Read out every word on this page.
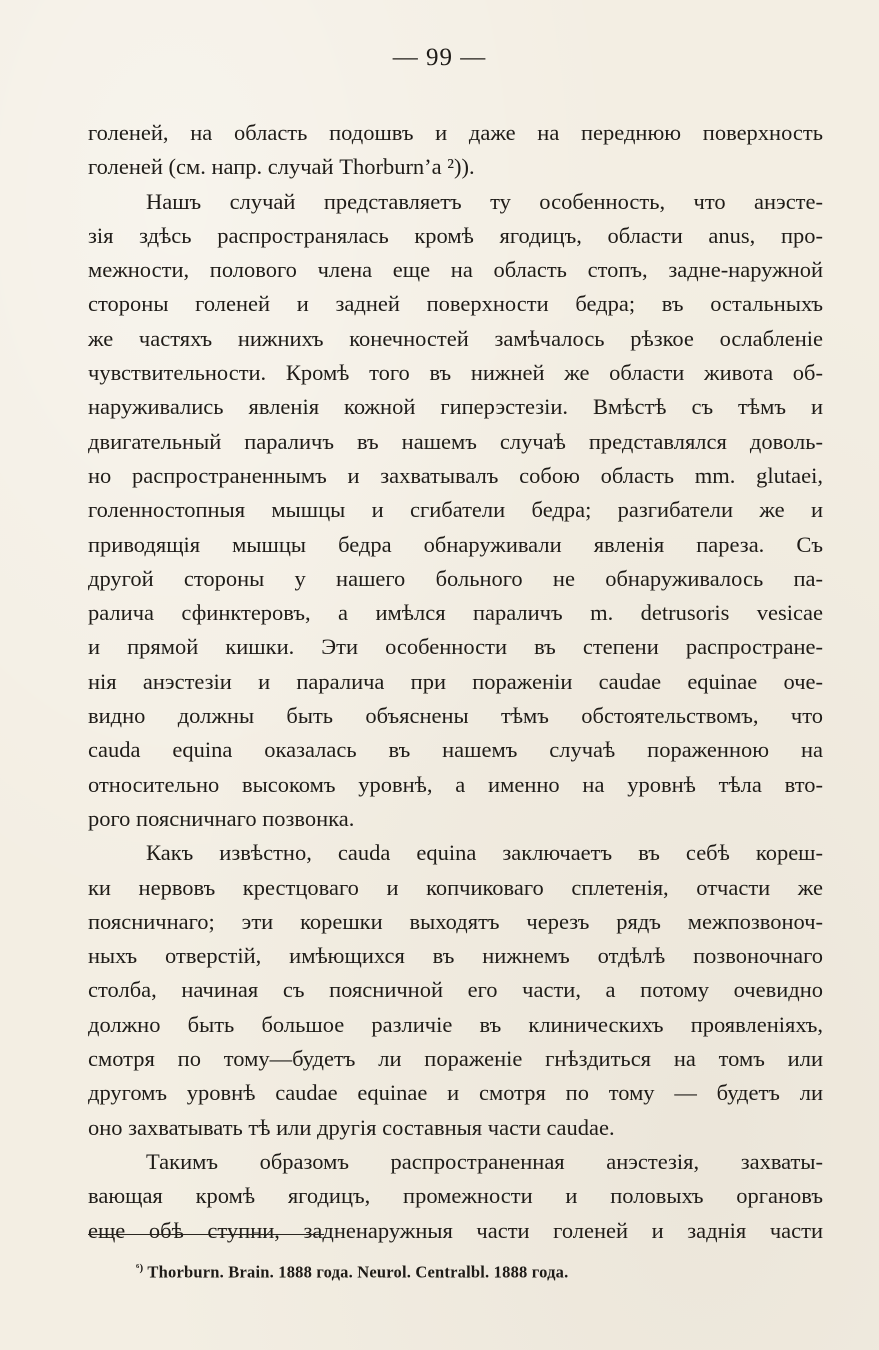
— 99 —
голеней, на область подошвъ и даже на переднюю поверхность
голеней (см. напр. случай Thorburn’a ²)).
Нашъ случай представляетъ ту особенность, что анэсте-
зія здѣсь распространялась кромѣ ягодицъ, области anus, про-
межности, полового члена еще на область стопъ, задне-наружной
стороны голеней и задней поверхности бедра; въ остальныхъ
же частяхъ нижнихъ конечностей замѣчалось рѣзкое ослабленіе
чувствительности. Кромѣ того въ нижней же области живота об-
наруживались явленія кожной гиперэстезіи. Вмѣстѣ съ тѣмъ и
двигательный параличъ въ нашемъ случаѣ представлялся доволь-
но распространеннымъ и захватывалъ собою область mm. glutaei,
голенностопныя мышцы и сгибатели бедра; разгибатели же и
приводящія мышцы бедра обнаруживали явленія пареза. Съ
другой стороны у нашего больного не обнаруживалось па-
ралича сфинктеровъ, а имѣлся параличъ m. detrusoris vesicae
и прямой кишки. Эти особенности въ степени распростране-
нія анэстезіи и паралича при пораженіи caudae equinae оче-
видно должны быть объяснены тѣмъ обстоятельствомъ, что
cauda equina оказалась въ нашемъ случаѣ пораженною на
относительно высокомъ уровнѣ, а именно на уровнѣ тѣла вто-
рого поясничнаго позвонка.
Какъ извѣстно, cauda equina заключаетъ въ себѣ кореш-
ки нервовъ крестцоваго и копчиковаго сплетенія, отчасти же
поясничнаго; эти корешки выходятъ черезъ рядъ межпозвоноч-
ныхъ отверстій, имѣющихся въ нижнемъ отдѣлѣ позвоночнаго
столба, начиная съ поясничной его части, а потому очевидно
должно быть большое различіе въ клиническихъ проявленіяхъ,
смотря по тому—будетъ ли пораженіе гнѣздиться на томъ или
другомъ уровнѣ caudae equinae и смотря по тому — будетъ ли
оно захватывать тѣ или другія составныя части caudae.
Такимъ образомъ распространенная анэстезія, захваты-
вающая кромѣ ягодицъ, промежности и половыхъ органовъ
еще обѣ ступни, задненаружныя части голеней и заднія части
$^{^6)}$ Thorburn. Brain. 1888 года. Neurol. Centralbl. 1888 года.
